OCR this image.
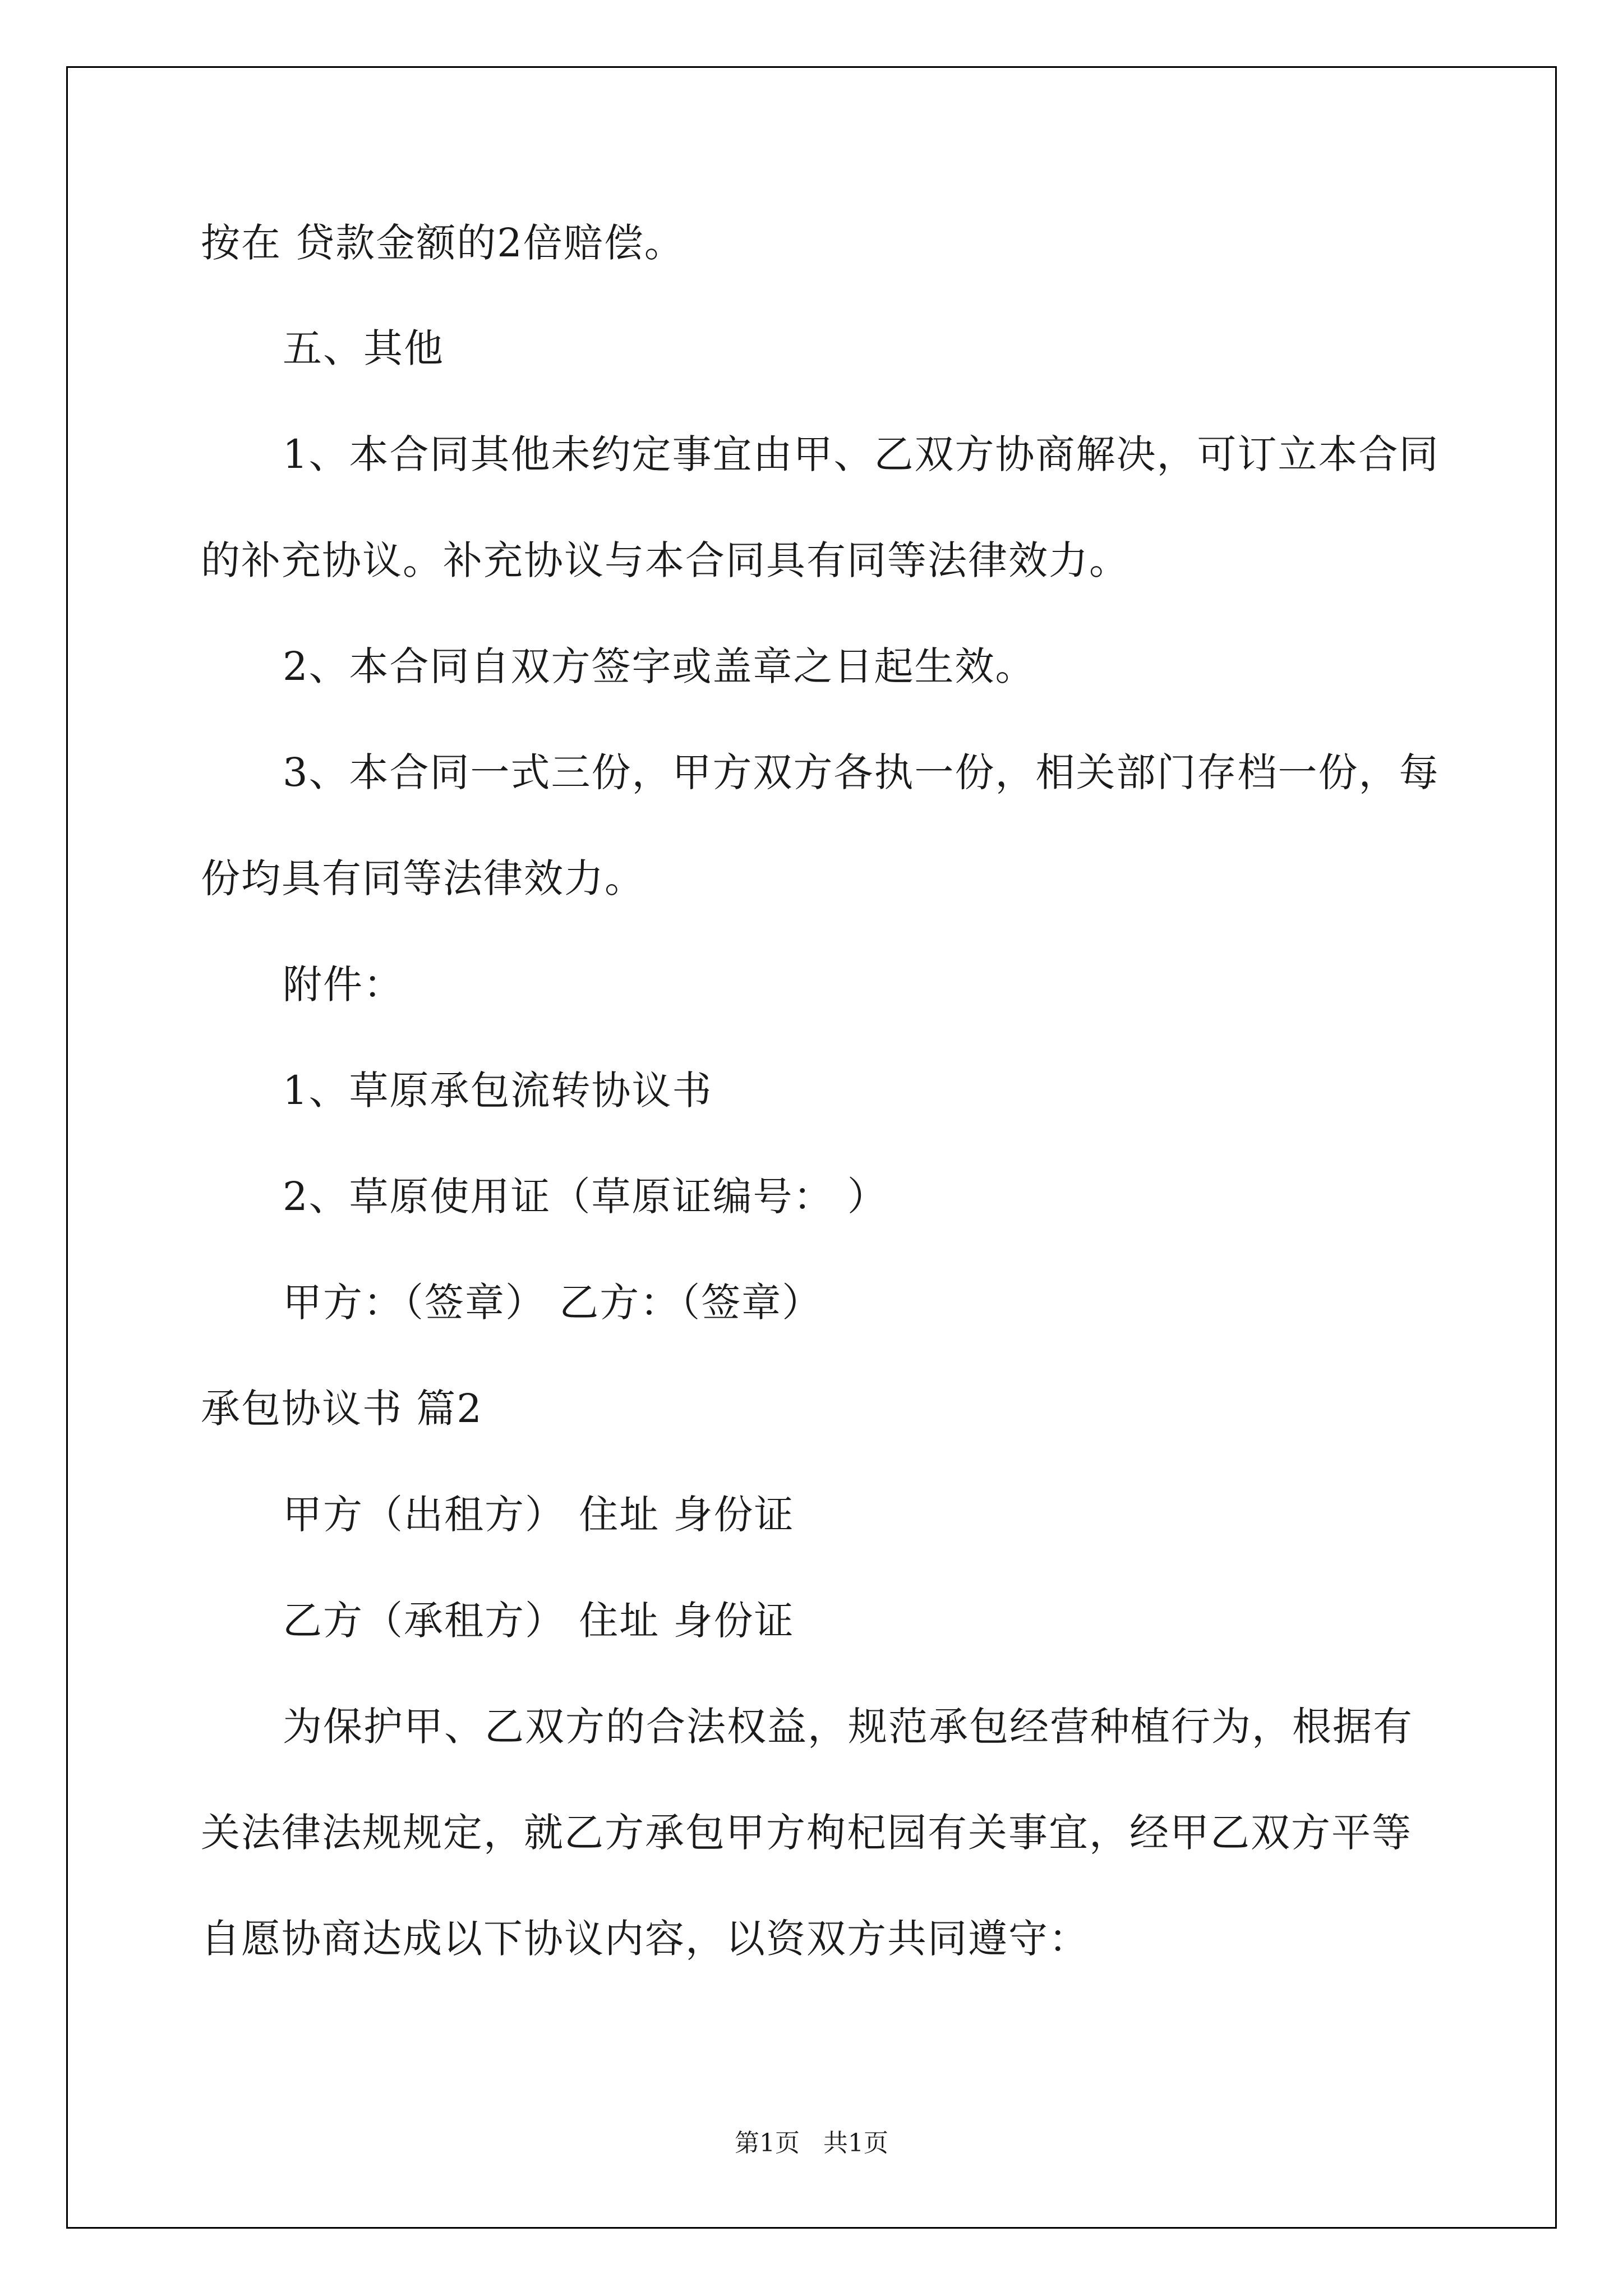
按在 贷款金额的2倍赔偿。
五、其他
1、本合同其他未约定事宜由甲、乙双方协商解决，可订立本合同
的补充协议。补充协议与本合同具有同等法律效力。
2、本合同自双方签字或盖章之日起生效。
3、本合同一式三份，甲方双方各执一份，相关部门存档一份，每
份均具有同等法律效力。
附件：
1、草原承包流转协议书
2、草原使用证（草原证编号： ）
甲方：（签章） 乙方：（签章）
承包协议书 篇2
甲方（出租方） 住址 身份证
乙方（承租方） 住址 身份证
为保护甲、乙双方的合法权益，规范承包经营种植行为，根据有
关法律法规规定，就乙方承包甲方枸杞园有关事宜，经甲乙双方平等
自愿协商达成以下协议内容，以资双方共同遵守：
第1页 共1页
